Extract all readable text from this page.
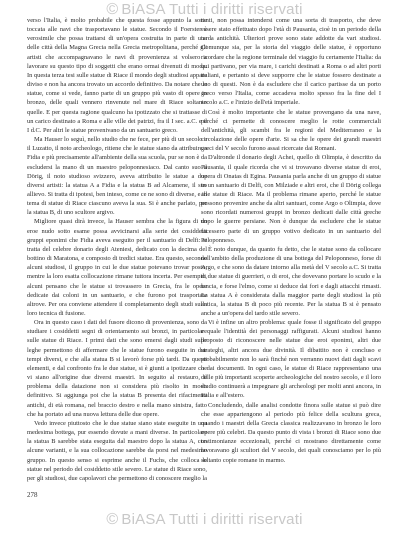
© BiASA Tutti i diritti riservati

verso l'Italia, è molto probabile che questa fosse appunto la sorte toccata alle navi che trasportavano le statue. Secondo il Foerster è verosimile che possa trattarsi di un'opera costruita in parte di una delle città della Magna Grecia nella Grecia metropolitana, perché gli artisti che accompagnavano le navi di provenienza si volsero a lavorare su questo tipo di soggetti che erano ormai divenuti di moda. In questa terza tesi sulle statue di Riace il mondo degli studiosi appare diviso e non ha ancora trovato un accordo definitivo. Da notare che le statue, come si vede, fanno parte di un gruppo più vasto di opere in bronzo, delle quali vennero rinvenute nel mare di Riace soltanto quelle. E per questa ragione qualcuno ha ipotizzato che si trattasse di un carico destinato a Roma e alle ville dei patrizi, fra il I sec. a.C. e il I d.C. Per altri le statue provenivano da un santuario greco.

Ma Hauser lo seguì, nello studio che ne fece, per più di un secolo e il Luzatto, il noto archeologo, ritiene che le statue siano da attribuire a Fidia e più precisamente all'ambiente della sua scuola, pur se non è da escludersi la mano di un maestro peloponnesiaco. Dal canto suo il Dörig, il noto studioso svizzero, aveva attribuito le statue a due diversi artisti: la statua A a Fidia e la statua B ad Alcamene, il suo allievo. Si tratta di ipotesi, ben inteso, come ce ne sono di diverse, e in tema di statue di Riace ciascuno aveva la sua. Si è anche parlato, per la statua B, di uno scultore argivo.

Migliore quasi dirà invece, la Hauser sembra che la figura di un eroe nudo sotto esame possa avvicinarsi alla serie dei cosiddetti gruppi eponimi che Fidia aveva eseguito per il santuario di Delfi: si tratta del celebre donario degli Ateniesi, dedicato con la decima del bottino di Maratona, e composto di tredici statue. Era questo, secondo alcuni studiosi, il gruppo in cui le due statue potevano trovar posto, mentre la loro esatta collocazione rimane tuttora incerta. Per esempio, alcuni pensano che le statue si trovassero in Grecia, fra le opere dedicate dai coloni in un santuario, e che furono poi trasportate altrove. Per ora conviene attendere il completamento degli studi sulla loro tecnica di fusione.

Ora in questo caso i dati del fusore dicono di provenienza, sono da studiare i cosiddetti segni di orientamento sui bronzi, in particolare sulle statue di Riace. I primi dati che sono emersi dagli studi sulle leghe permettono di affermare che le statue furono eseguite in due tempi diversi, e che alla statua B si lavorò forse più tardi. Da questi elementi, e dal confronto fra le due statue, si è giunti a ipotizzare che vi siano all'origine due diversi maestri. In seguito al restauro, il problema della datazione non si considera più risolto in modo definitivo. Si aggiunga poi che la statua B presenta dei rifacimenti antichi, di età romana, nel braccio destro e nella mano sinistra, fatto che ha portato ad una nuova lettura delle due opere.

Vedo invece piuttosto che le due statue siano state eseguite in una medesima bottega, pur essendo dovute a mani diverse. In particolare la statua B sarebbe stata eseguita dal maestro dopo la statua A, con alcune varianti, e la sua collocazione sarebbe da porsi nel medesimo gruppo. In questo senso si esprime anche il Fuchs, che colloca le statue nel periodo del cosiddetto stile severo. Le statue di Riace sono, per gli studiosi, due capolavori che permettono di conoscere meglio la

tanti, non possa intendersi come una sorta di trasporto, che deve essere stato effettuato dopo l'età di Pausania, cioè in un periodo della tarda antichità. Ulteriori prove sono state addotte da vari studiosi. Comunque sia, per la storia del viaggio delle statue, è opportuno ricordare che la regione terminale del viaggio fu certamente l'Italia: da qui partivano, per via mare, i carichi destinati a Roma o ad altri porti italiani, e pertanto si deve supporre che le statue fossero destinate a uno di questi. Non è da escludere che il carico partisse da un porto greco verso l'Italia, come accadeva molto spesso fra la fine del I secolo a.C. e l'inizio dell'età imperiale.

Così è molto importante che le statue provengano da una nave, perché ci permette di conoscere meglio le rotte commerciali dell'antichità, gli scambi fra le regioni del Mediterraneo e la circolazione delle opere d'arte. Si sa che le opere dei grandi maestri greci del V secolo furono assai ricercate dai Romani.

D'altronde il donario degli Achei, quello di Olimpia, è descritto da Pausania, il quale ricorda che vi si trovavano diverse statue di eroi, opera di Onatas di Egina. Pausania parla anche di un gruppo di statue in un santuario di Delfi, con Milziade e altri eroi, che il Dörig collega alle statue di Riace. Ma il problema rimane aperto, perché le statue possono provenire anche da altri santuari, come Argo o Olimpia, dove sono ricordati numerosi gruppi in bronzo dedicati dalle città greche dopo le guerre persiane. Non è dunque da escludere che le statue facessero parte di un gruppo votivo dedicato in un santuario del Peloponneso.

È noto dunque, da quanto fu detto, che le statue sono da collocare nell'ambito della produzione di una bottega del Peloponneso, forse di Argo, e che sono da datare intorno alla metà del V secolo a.C. Si tratta di due statue di guerrieri, o di eroi, che dovevano portare lo scudo e la lancia, e forse l'elmo, come si deduce dai fori e dagli attacchi rimasti. La statua A è considerata dalla maggior parte degli studiosi la più antica, la statua B di poco più recente. Per la statua B si è pensato anche a un'opera del tardo stile severo.

Vi è infine un altro problema: quale fosse il significato del gruppo e quale l'identità dei personaggi raffigurati. Alcuni studiosi hanno proposto di riconoscere nelle statue due eroi eponimi, altri due strateghi, altri ancora due divinità. Il dibattito non è concluso e probabilmente non lo sarà finché non verranno nuovi dati dagli scavi o dai documenti. In ogni caso, le statue di Riace rappresentano una delle più importanti scoperte archeologiche del nostro secolo, e il loro studio continuerà a impegnare gli archeologi per molti anni ancora, in Italia e all'estero.

Concludendo, dalle analisi condotte finora sulle statue si può dire che esse appartengono al periodo più felice della scultura greca, quando i maestri della Grecia classica realizzavano in bronzo le loro opere più celebri. Da questo punto di vista i bronzi di Riace sono due testimonianze eccezionali, perché ci mostrano direttamente come lavoravano gli scultori del V secolo, dei quali conosciamo per lo più soltanto copie romane in marmo.

278
© BiASA Tutti i diritti riservati
